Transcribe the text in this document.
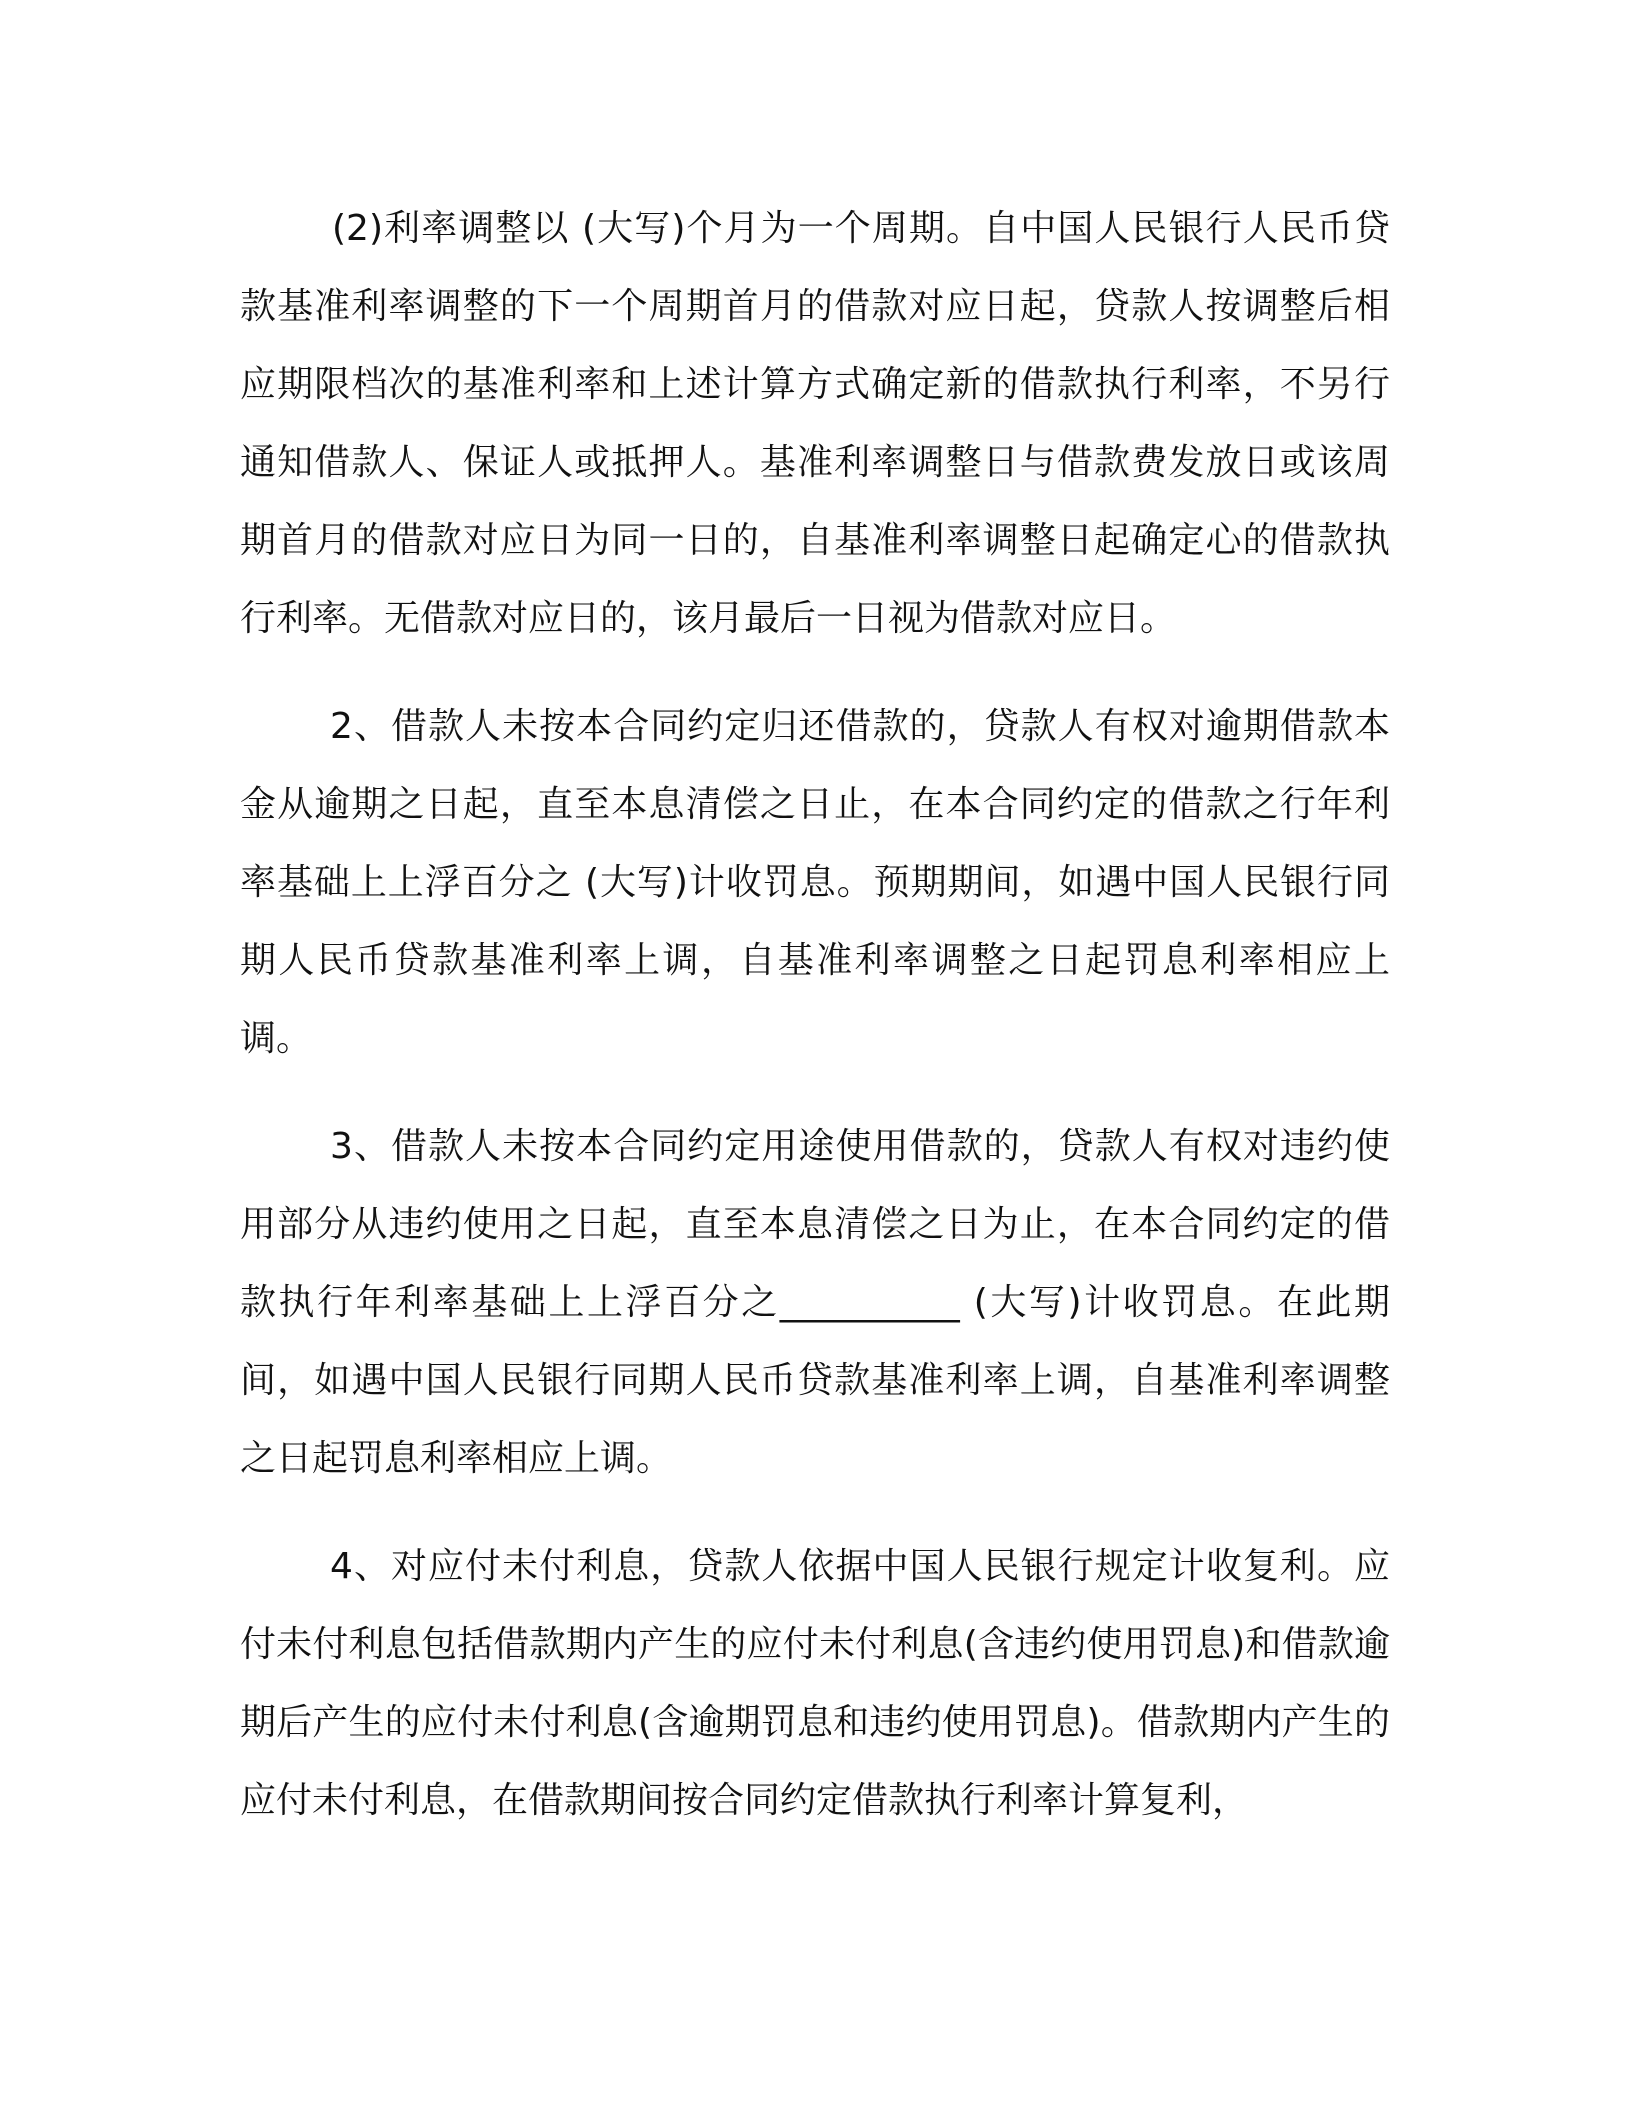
(2)利率调整以 (大写)个月为一个周期。自中国人民银行人民币贷款基准利率调整的下一个周期首月的借款对应日起，贷款人按调整后相应期限档次的基准利率和上述计算方式确定新的借款执行利率，不另行通知借款人、保证人或抵押人。基准利率调整日与借款费发放日或该周期首月的借款对应日为同一日的，自基准利率调整日起确定心的借款执行利率。无借款对应日的，该月最后一日视为借款对应日。

2、借款人未按本合同约定归还借款的，贷款人有权对逾期借款本金从逾期之日起，直至本息清偿之日止，在本合同约定的借款之行年利率基础上上浮百分之 (大写)计收罚息。预期期间，如遇中国人民银行同期人民币贷款基准利率上调，自基准利率调整之日起罚息利率相应上调。

3、借款人未按本合同约定用途使用借款的，贷款人有权对违约使用部分从违约使用之日起，直至本息清偿之日为止，在本合同约定的借款执行年利率基础上上浮百分之__________ (大写)计收罚息。在此期间，如遇中国人民银行同期人民币贷款基准利率上调，自基准利率调整之日起罚息利率相应上调。

4、对应付未付利息，贷款人依据中国人民银行规定计收复利。应付未付利息包括借款期内产生的应付未付利息(含违约使用罚息)和借款逾期后产生的应付未付利息(含逾期罚息和违约使用罚息)。借款期内产生的应付未付利息，在借款期间按合同约定借款执行利率计算复利，
